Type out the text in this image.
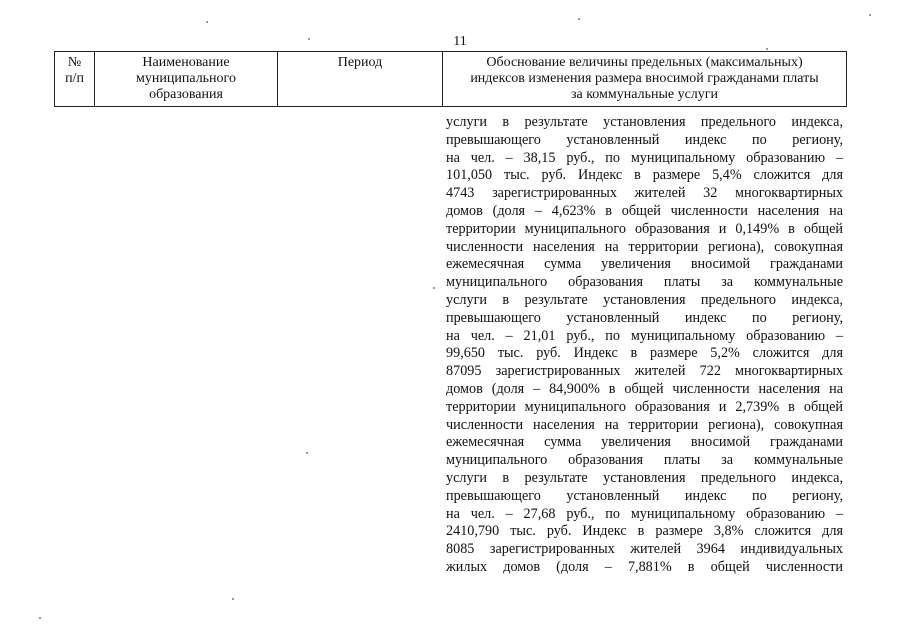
11
№
п/п
Наименование
муниципального
образования
Период	Обоснование величины предельных (максимальных)
индексов изменения размера вносимой гражданами платы
за коммунальные услуги
услуги в результате установления предельного индекса,
превышающего установленный индекс по региону,
на чел. – 38,15 руб., по муниципальному образованию –
101,050 тыс. руб. Индекс в размере 5,4% сложится для
4743 зарегистрированных жителей 32 многоквартирных
домов (доля – 4,623% в общей численности населения на
территории муниципального образования и 0,149% в общей
численности населения на территории региона), совокупная
ежемесячная сумма увеличения вносимой гражданами
муниципального образования платы за коммунальные
услуги в результате установления предельного индекса,
превышающего установленный индекс по региону,
на чел. – 21,01 руб., по муниципальному образованию –
99,650 тыс. руб. Индекс в размере 5,2% сложится для
87095 зарегистрированных жителей 722 многоквартирных
домов (доля – 84,900% в общей численности населения на
территории муниципального образования и 2,739% в общей
численности населения на территории региона), совокупная
ежемесячная сумма увеличения вносимой гражданами
муниципального образования платы за коммунальные
услуги в результате установления предельного индекса,
превышающего установленный индекс по региону,
на чел. – 27,68 руб., по муниципальному образованию –
2410,790 тыс. руб. Индекс в размере 3,8% сложится для
8085 зарегистрированных жителей 3964 индивидуальных
жилых домов (доля – 7,881% в общей численности
